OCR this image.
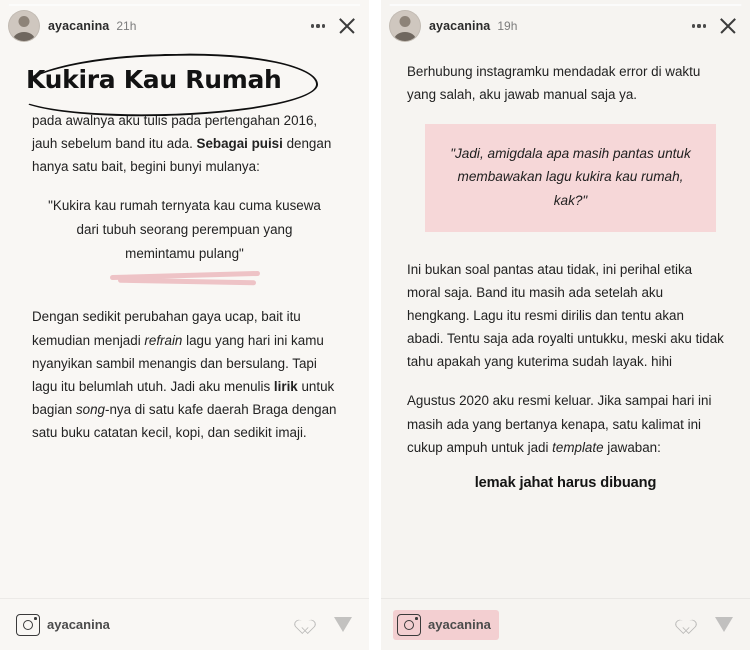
ayacanina 21h
Kukira Kau Rumah

pada awalnya aku tulis pada pertengahan 2016, jauh sebelum band itu ada. Sebagai puisi dengan hanya satu bait, begini bunyi mulanya:

"Kukira kau rumah ternyata kau cuma kusewa dari tubuh seorang perempuan yang memintamu pulang"

Dengan sedikit perubahan gaya ucap, bait itu kemudian menjadi refrain lagu yang hari ini kamu nyanyikan sambil menangis dan bersulang. Tapi lagu itu belumlah utuh. Jadi aku menulis lirik untuk bagian song-nya di satu kafe daerah Braga dengan satu buku catatan kecil, kopi, dan sedikit imaji.

ayacanina
ayacanina 19h

Berhubung instagramku mendadak error di waktu yang salah, aku jawab manual saja ya.

"Jadi, amigdala apa masih pantas untuk membawakan lagu kukira kau rumah, kak?"

Ini bukan soal pantas atau tidak, ini perihal etika moral saja. Band itu masih ada setelah aku hengkang. Lagu itu resmi dirilis dan tentu akan abadi. Tentu saja ada royalti untukku, meski aku tidak tahu apakah yang kuterima sudah layak. hihi

Agustus 2020 aku resmi keluar. Jika sampai hari ini masih ada yang bertanya kenapa, satu kalimat ini cukup ampuh untuk jadi template jawaban:

lemak jahat harus dibuang

ayacanina
